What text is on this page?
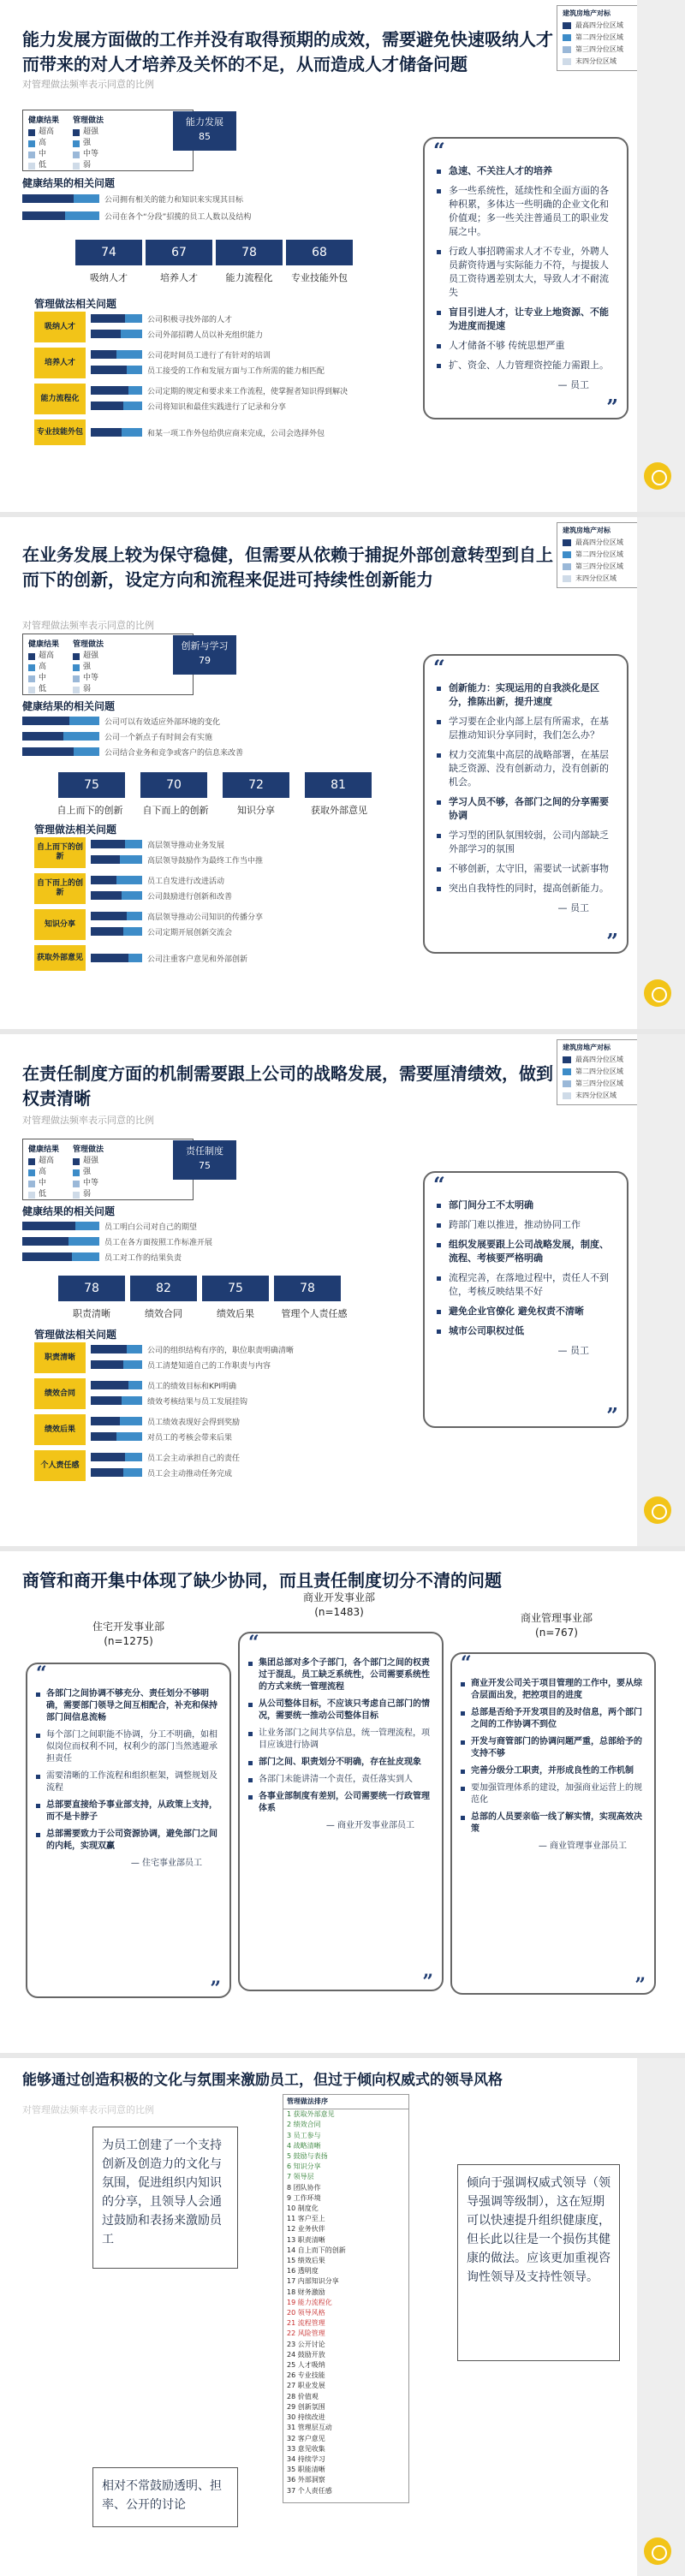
建筑房地产对标
最高四分位区域
第二四分位区域
第三四分位区域
末四分位区域
能力发展方面做的工作并没有取得预期的成效，需要避免快速吸纳人才而带来的对人才培养及关怀的不足，从而造成人才储备问题
对管理做法频率表示同意的比例
健康结果
超高
高
中
低
管理做法
超强
强
中等
弱
能力发展
85
健康结果的相关问题
公司拥有相关的能力和知识来实现其目标
公司在各个“分段”招揽的员工人数以及结构
74	67	78	68
吸纳人才	培养人才	能力流程化	专业技能外包
管理做法相关问题
吸纳人才
公司积极寻找外部的人才
公司外部招聘人员以补充组织能力
培养人才
公司花时间员工进行了有针对的培训
员工接受的工作和发展方面与工作所需的能力相匹配
能力流程化
公司定期的规定和要求来工作流程，使掌握者知识得到解决
公司将知识和最佳实践进行了记录和分享
专业技能外包	和某一项工作外包给供应商来完成，公司会选择外包
“
急速、不关注人才的培养
多一些系统性，延续性和全面方面的各种积累，多体达一些明确的企业文化和价值观；多一些关注普通员工的职业发展之中。
行政人事招聘需求人才不专业，外聘人员薪资待遇与实际能力不符，与提拔人员工资待遇差别太大，导致人才不耐流失
盲目引进人才，让专业上地资源、不能为进度而提速
人才储备不够 传统思想严重
扩、资金、人力管理资控能力需跟上。
— 员工
”
建筑房地产对标
最高四分位区域
第二四分位区域
第三四分位区域
末四分位区域
在业务发展上较为保守稳健，但需要从依赖于捕捉外部创意转型到自上而下的创新，设定方向和流程来促进可持续性创新能力
对管理做法频率表示同意的比例
健康结果
超高
高
中
低
管理做法
超强
强
中等
弱
创新与学习
79
健康结果的相关问题
公司可以有效适应外部环境的变化
公司一个新点子有时间会有实施
公司结合业务和竞争或客户的信息来改善
75	70	72	81
自上而下的创新	自下而上的创新	知识分享	获取外部意见
管理做法相关问题
自上而下的创新
高层领导推动业务发展
高层领导鼓励作为最终工作当中推
自下而上的创新
员工自发进行改进活动
公司鼓励进行创新和改善
知识分享
高层领导推动公司知识的传播分享
公司定期开展创新交流会
获取外部意见	公司注重客户意见和外部创新
“
创新能力：实现运用的自我淡化是区分，推陈出新，提升速度
学习要在企业内部上层有所需求，在基层推动知识分享同时，我们怎么办？
权力交流集中高层的战略部署，在基层缺乏资源、没有创新动力，没有创新的机会。
学习人员不够，各部门之间的分享需要协调
学习型的团队氛围较弱，公司内部缺乏外部学习的氛围
不够创新，太守旧，需要试一试新事物
突出自我特性的同时，提高创新能力。
— 员工
”
建筑房地产对标
最高四分位区域
第二四分位区域
第三四分位区域
末四分位区域
在责任制度方面的机制需要跟上公司的战略发展，需要厘清绩效，做到权责清晰
对管理做法频率表示同意的比例
健康结果
超高
高
中
低
管理做法
超强
强
中等
弱
责任制度
75
健康结果的相关问题
员工明白公司对自己的期望
员工在各方面按照工作标准开展
员工对工作的结果负责
78	82	75	78
职责清晰	绩效合同	绩效后果	管理个人责任感
管理做法相关问题
职责清晰
公司的组织结构有序的，职位职责明确清晰
员工清楚知道自己的工作职责与内容
绩效合同
员工的绩效目标和KPI明确
绩效考核结果与员工发展挂钩
绩效后果
员工绩效表现好会得到奖励
对员工的考核会带来后果
个人责任感
员工会主动承担自己的责任
员工会主动推动任务完成
“
部门间分工不太明确
跨部门难以推进，推动协同工作
组织发展要跟上公司战略发展，制度、流程、考核要严格明确
流程完善，在落地过程中，责任人不到位，考核反映结果不好
避免企业官僚化 避免权责不清晰
城市公司职权过低
— 员工
”
商管和商开集中体现了缺少协同，而且责任制度切分不清的问题
住宅开发事业部
(n=1275)
商业开发事业部
(n=1483)	商业管理事业部
(n=767)
“
各部门之间协调不够充分、责任划分不够明确，需要部门领导之间互相配合，补充和保持部门间信息流畅
每个部门之间职能不协调，分工不明确，如相似岗位而权利不同，权利少的部门当然逃避承担责任
需要清晰的工作流程和组织框架，调整规划及流程
总部要直接给予事业部支持，从政策上支持，而不是卡脖子
总部需要致力于公司资源协调，避免部门之间的内耗，实现双赢
— 住宅事业部员工
”
“
集团总部对多个子部门，各个部门之间的权责过于混乱，员工缺乏系统性，公司需要系统性的方式来统一管理流程
从公司整体目标，不应该只考虑自己部门的情况，需要统一推动公司整体目标
让业务部门之间共享信息，统一管理流程，项目应该进行协调
部门之间、职责划分不明确，存在扯皮现象
各部门未能讲清一个责任，责任落实到人
各事业部制度有差别，公司需要统一行政管理体系
— 商业开发事业部员工
”
“
商业开发公司关于项目管理的工作中，要从综合层面出发，把控项目的进度
总部是否给予开发项目的及时信息，两个部门之间的工作协调不到位
开发与商管部门的协调问题严重，总部给予的支持不够
完善分级分工职责，并形成良性的工作机制
要加强管理体系的建设，加强商业运营上的规范化
总部的人员要亲临一线了解实情，实现高效决策
— 商业管理事业部员工
”
能够通过创造积极的文化与氛围来激励员工，但过于倾向权威式的领导风格
对管理做法频率表示同意的比例
为员工创建了一个支持创新及创造力的文化与氛围，促进组织内知识的分享，且领导人会通过鼓励和表扬来激励员工
相对不常鼓励透明、担率、公开的讨论
管理做法排序
1 获取外部意见
2 绩效合同
3 员工参与
4 战略清晰
5 鼓励与表扬
6 知识分享
7 领导层
8 团队协作
9 工作环境
10 制度化
11 客户至上
12 业务伙伴
13 职责清晰
14 自上而下的创新
15 绩效后果
16 透明度
17 内部知识分享
18 财务激励
19 能力流程化
20 领导风格
21 流程管理
22 风险管理
23 公开讨论
24 鼓励开放
25 人才吸纳
26 专业技能
27 职业发展
28 价值观
29 创新氛围
30 持续改进
31 管理层互动
32 客户意见
33 意见收集
34 持续学习
35 职能清晰
36 外部洞察
37 个人责任感
倾向于强调权威式领导（领导强调等级制），这在短期可以快速提升组织健康度，但长此以往是一个损伤其健康的做法。应该更加重视咨询性领导及支持性领导。
